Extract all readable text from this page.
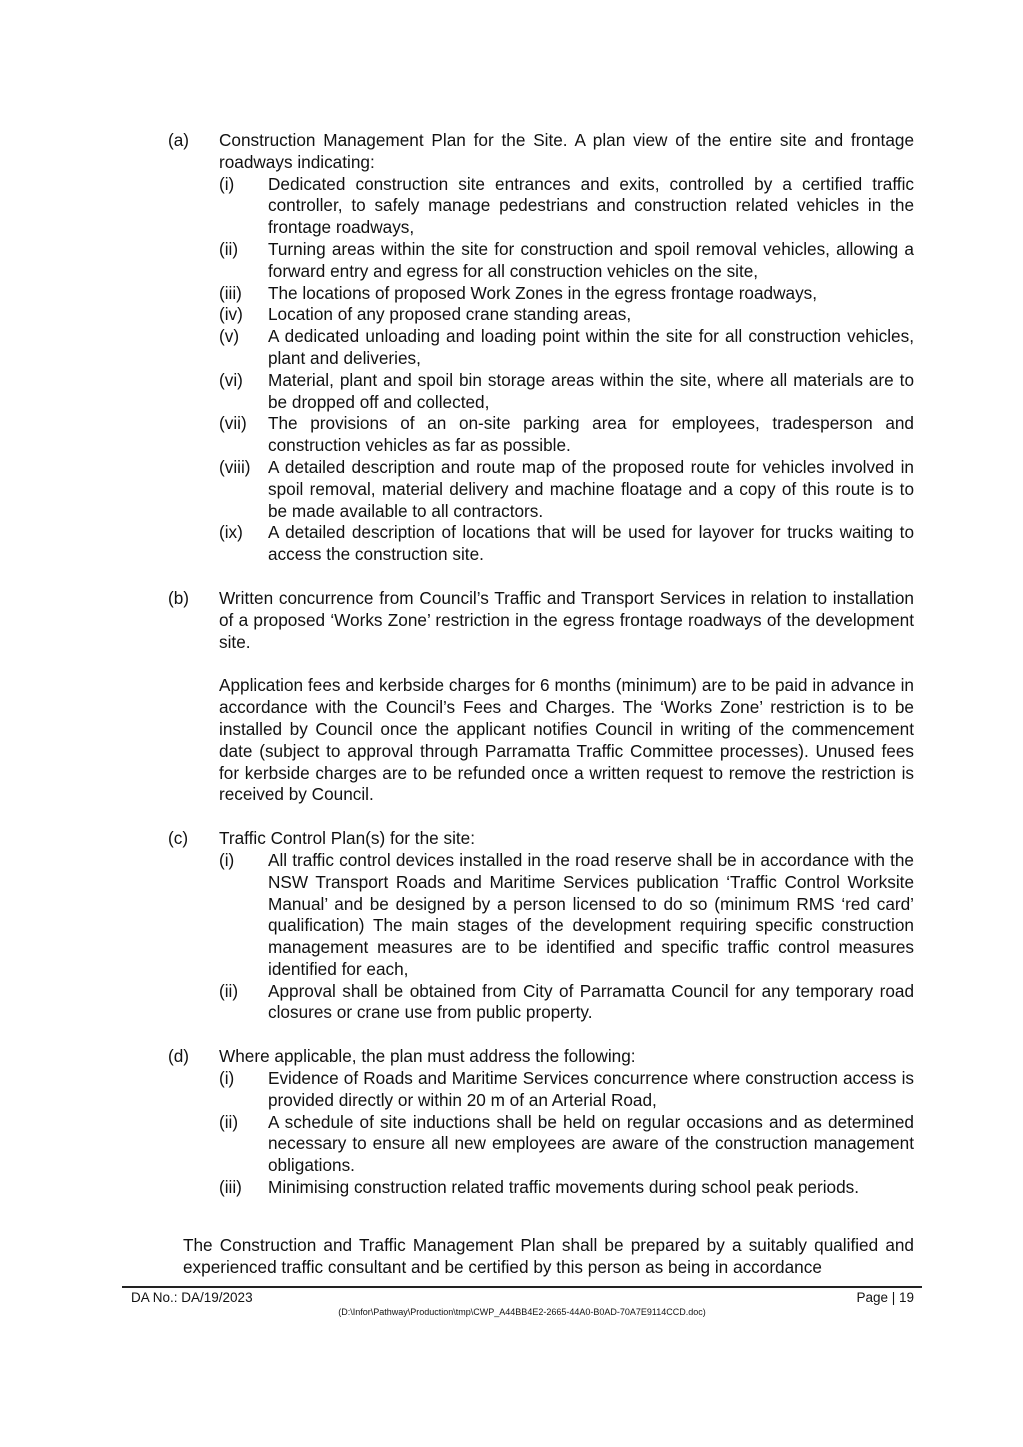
(a)	Construction Management Plan for the Site. A plan view of the entire site and frontage roadways indicating:

(i)	Dedicated construction site entrances and exits, controlled by a certified traffic controller, to safely manage pedestrians and construction related vehicles in the frontage roadways,
(ii)	Turning areas within the site for construction and spoil removal vehicles, allowing a forward entry and egress for all construction vehicles on the site,
(iii)	The locations of proposed Work Zones in the egress frontage roadways,
(iv)	Location of any proposed crane standing areas,
(v)	A dedicated unloading and loading point within the site for all construction vehicles, plant and deliveries,
(vi)	Material, plant and spoil bin storage areas within the site, where all materials are to be dropped off and collected,
(vii)	The provisions of an on-site parking area for employees, tradesperson and construction vehicles as far as possible.
(viii)	A detailed description and route map of the proposed route for vehicles involved in spoil removal, material delivery and machine floatage and a copy of this route is to be made available to all contractors.
(ix)	A detailed description of locations that will be used for layover for trucks waiting to access the construction site.
(b)	Written concurrence from Council’s Traffic and Transport Services in relation to installation of a proposed ‘Works Zone’ restriction in the egress frontage roadways of the development site.

Application fees and kerbside charges for 6 months (minimum) are to be paid in advance in accordance with the Council’s Fees and Charges. The ‘Works Zone’ restriction is to be installed by Council once the applicant notifies Council in writing of the commencement date (subject to approval through Parramatta Traffic Committee processes). Unused fees for kerbside charges are to be refunded once a written request to remove the restriction is received by Council.

(c)	Traffic Control Plan(s) for the site:

(i)	All traffic control devices installed in the road reserve shall be in accordance with the NSW Transport Roads and Maritime Services publication ‘Traffic Control Worksite Manual’ and be designed by a person licensed to do so (minimum RMS ‘red card’ qualification) The main stages of the development requiring specific construction management measures are to be identified and specific traffic control measures identified for each,
(ii)	Approval shall be obtained from City of Parramatta Council for any temporary road closures or crane use from public property.
(d)	Where applicable, the plan must address the following:

(i)	Evidence of Roads and Maritime Services concurrence where construction access is provided directly or within 20 m of an Arterial Road,
(ii)	A schedule of site inductions shall be held on regular occasions and as determined necessary to ensure all new employees are aware of the construction management obligations.
(iii)	Minimising construction related traffic movements during school peak periods.

The Construction and Traffic Management Plan shall be prepared by a suitably qualified and experienced traffic consultant and be certified by this person as being in accordance

DA No.: DA/19/2023	Page | 19
(D:\Infor\Pathway\Production\tmp\CWP_A44BB4E2-2665-44A0-B0AD-70A7E9114CCD.doc)
